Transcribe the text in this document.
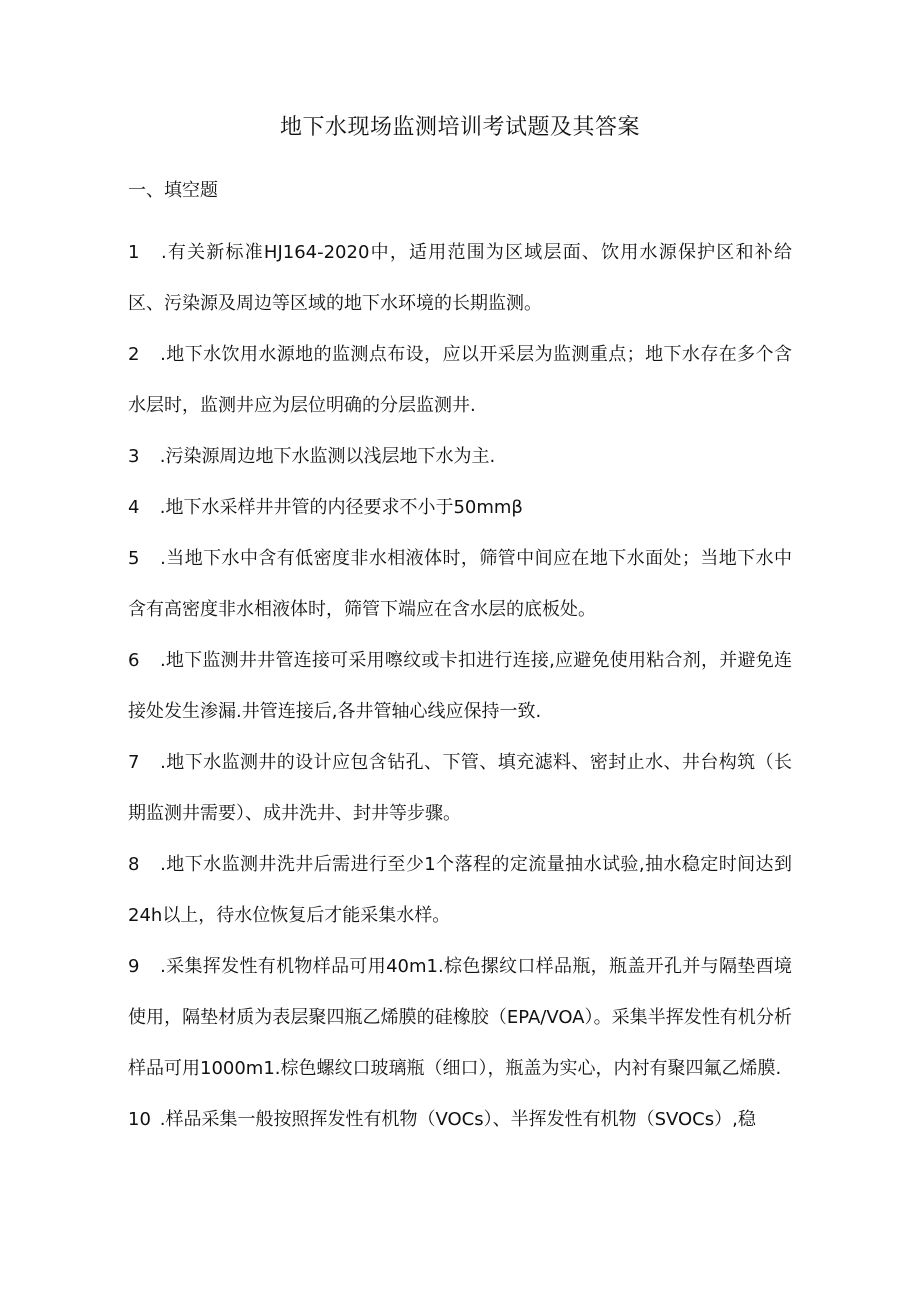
地下水现场监测培训考试题及其答案
一、填空题
1 .有关新标准HJ164-2020中，适用范围为区域层面、饮用水源保护区和补给区、污染源及周边等区域的地下水环境的长期监测。
2 .地下水饮用水源地的监测点布设，应以开采层为监测重点；地下水存在多个含水层时，监测井应为层位明确的分层监测井.
3 .污染源周边地下水监测以浅层地下水为主.
4 .地下水采样井井管的内径要求不小于50mmβ
5 .当地下水中含有低密度非水相液体时，筛管中间应在地下水面处；当地下水中含有高密度非水相液体时，筛管下端应在含水层的底板处。
6 .地下监测井井管连接可采用嚓纹或卡扣进行连接,应避免使用粘合剂，并避免连接处发生渗漏.井管连接后,各井管轴心线应保持一致.
7 .地下水监测井的设计应包含钻孔、下管、填充滤料、密封止水、井台构筑（长期监测井需要）、成井洗井、封井等步骤。
8 .地下水监测井洗井后需进行至少1个落程的定流量抽水试验,抽水稳定时间达到24h以上，待水位恢复后才能采集水样。
9 .采集挥发性有机物样品可用40m1.棕色摞纹口样品瓶，瓶盖开孔并与隔垫酉境使用，隔垫材质为表层聚四瓶乙烯膜的硅橡胶（EPA/VOA）。采集半挥发性有机分析样品可用1000m1.棕色螺纹口玻璃瓶（细口），瓶盖为实心，内衬有聚四氟乙烯膜.
10 .样品采集一般按照挥发性有机物（VOCs）、半挥发性有机物（SVOCs）,稳
